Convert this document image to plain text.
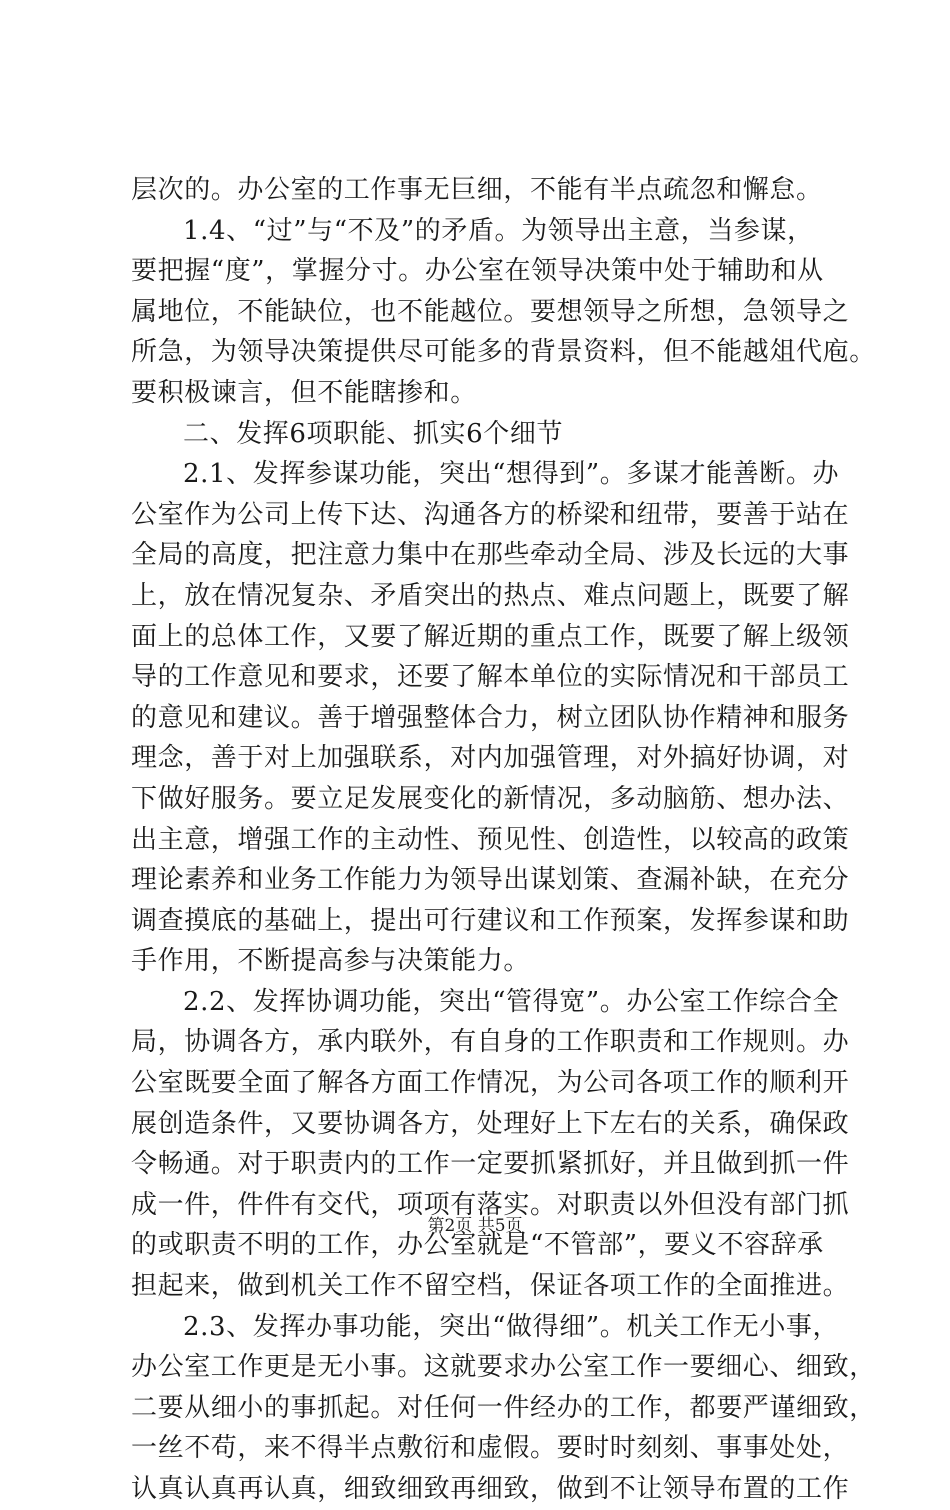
层次的。办公室的工作事无巨细，不能有半点疏忽和懈怠。
1.4、“过”与“不及”的矛盾。为领导出主意，当参谋，
要把握“度”，掌握分寸。办公室在领导决策中处于辅助和从
属地位，不能缺位，也不能越位。要想领导之所想，急领导之
所急，为领导决策提供尽可能多的背景资料，但不能越俎代庖。
要积极谏言，但不能瞎掺和。
二、发挥6项职能、抓实6个细节
2.1、发挥参谋功能，突出“想得到”。多谋才能善断。办
公室作为公司上传下达、沟通各方的桥梁和纽带，要善于站在
全局的高度，把注意力集中在那些牵动全局、涉及长远的大事
上，放在情况复杂、矛盾突出的热点、难点问题上，既要了解
面上的总体工作，又要了解近期的重点工作，既要了解上级领
导的工作意见和要求，还要了解本单位的实际情况和干部员工
的意见和建议。善于增强整体合力，树立团队协作精神和服务
理念，善于对上加强联系，对内加强管理，对外搞好协调，对
下做好服务。要立足发展变化的新情况，多动脑筋、想办法、
出主意，增强工作的主动性、预见性、创造性，以较高的政策
理论素养和业务工作能力为领导出谋划策、查漏补缺，在充分
调查摸底的基础上，提出可行建议和工作预案，发挥参谋和助
手作用，不断提高参与决策能力。
2.2、发挥协调功能，突出“管得宽”。办公室工作综合全
局，协调各方，承内联外，有自身的工作职责和工作规则。办
公室既要全面了解各方面工作情况，为公司各项工作的顺利开
展创造条件，又要协调各方，处理好上下左右的关系，确保政
令畅通。对于职责内的工作一定要抓紧抓好，并且做到抓一件
成一件，件件有交代，项项有落实。对职责以外但没有部门抓
的或职责不明的工作，办公室就是“不管部”，要义不容辞承
担起来，做到机关工作不留空档，保证各项工作的全面推进。
2.3、发挥办事功能，突出“做得细”。机关工作无小事，
办公室工作更是无小事。这就要求办公室工作一要细心、细致，
二要从细小的事抓起。对任何一件经办的工作，都要严谨细致，
一丝不苟，来不得半点敷衍和虚假。要时时刻刻、事事处处，
认真认真再认真，细致细致再细致，做到不让领导布置的工作
第2页 共5页
